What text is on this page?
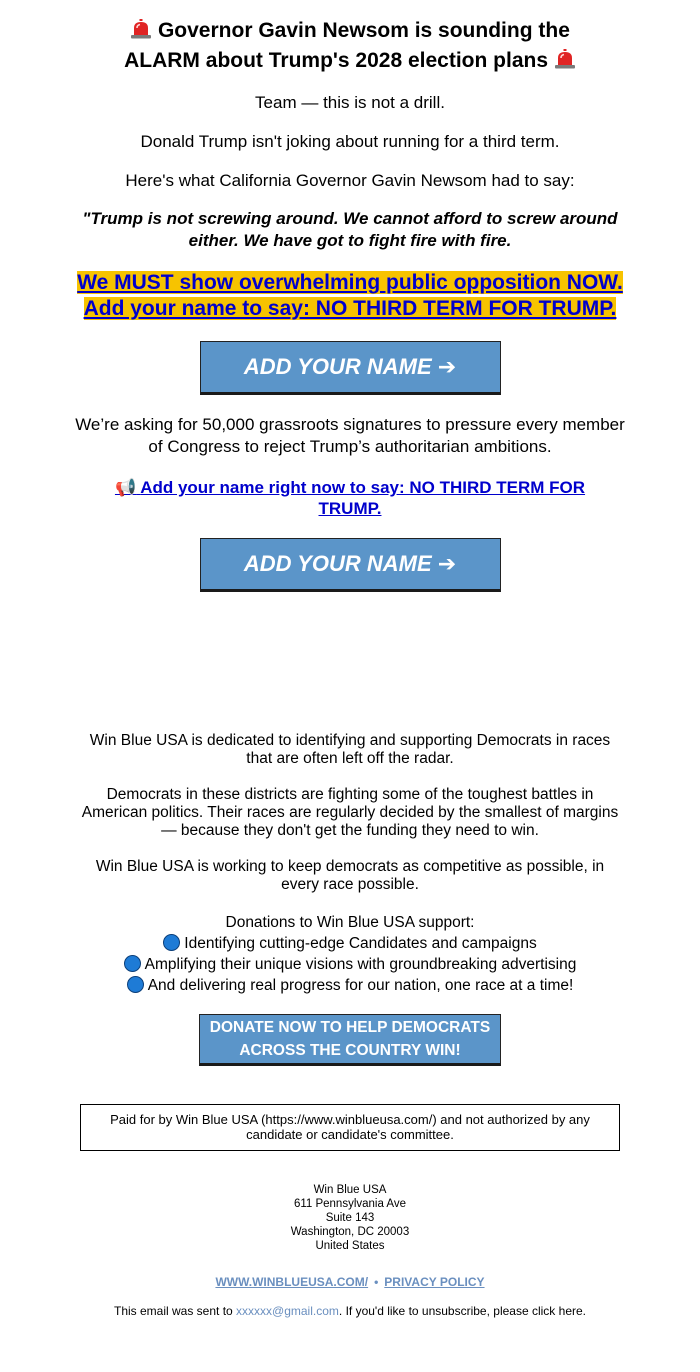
Governor Gavin Newsom is sounding the
ALARM about Trump's 2028 election plans
Team — this is not a drill.
Donald Trump isn't joking about running for a third term.
Here's what California Governor Gavin Newsom had to say:
"Trump is not screwing around. We cannot afford to screw around either. We have got to fight fire with fire.
We MUST show overwhelming public opposition NOW. Add your name to say: NO THIRD TERM FOR TRUMP.
ADD YOUR NAME ➔
We’re asking for 50,000 grassroots signatures to pressure every member of Congress to reject Trump’s authoritarian ambitions.
📢 Add your name right now to say: NO THIRD TERM FOR TRUMP.
ADD YOUR NAME ➔
Win Blue USA is dedicated to identifying and supporting Democrats in races that are often left off the radar.
Democrats in these districts are fighting some of the toughest battles in American politics. Their races are regularly decided by the smallest of margins — because they don't get the funding they need to win.
Win Blue USA is working to keep democrats as competitive as possible, in every race possible.
Donations to Win Blue USA support:
Identifying cutting-edge Candidates and campaigns
Amplifying their unique visions with groundbreaking advertising
And delivering real progress for our nation, one race at a time!
DONATE NOW TO HELP DEMOCRATS
ACROSS THE COUNTRY WIN!
Paid for by Win Blue USA (https://www.winblueusa.com/) and not authorized by any candidate or candidate's committee.
Win Blue USA
611 Pennsylvania Ave
Suite 143
Washington, DC 20003
United States
WWW.WINBLUEUSA.COM/ • PRIVACY POLICY
This email was sent to xxxxxx@gmail.com. If you'd like to unsubscribe, please click here.
